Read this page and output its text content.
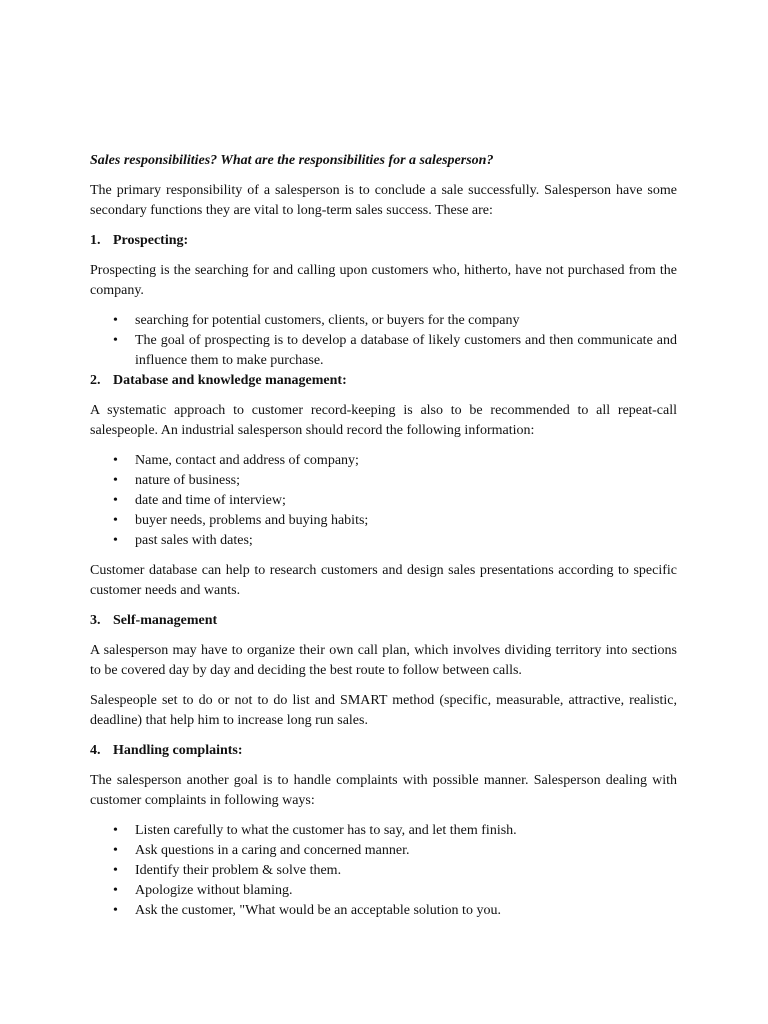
Sales responsibilities? What are the responsibilities for a salesperson?

The primary responsibility of a salesperson is to conclude a sale successfully. Salesperson have some secondary functions they are vital to long-term sales success. These are:

1. Prospecting:

Prospecting is the searching for and calling upon customers who, hitherto, have not purchased from the company.

• searching for potential customers, clients, or buyers for the company
• The goal of prospecting is to develop a database of likely customers and then communicate and influence them to make purchase.
2. Database and knowledge management:

A systematic approach to customer record-keeping is also to be recommended to all repeat-call salespeople. An industrial salesperson should record the following information:

• Name, contact and address of company;
• nature of business;
• date and time of interview;
• buyer needs, problems and buying habits;
• past sales with dates;

Customer database can help to research customers and design sales presentations according to specific customer needs and wants.

3. Self-management

A salesperson may have to organize their own call plan, which involves dividing territory into sections to be covered day by day and deciding the best route to follow between calls.

Salespeople set to do or not to do list and SMART method (specific, measurable, attractive, realistic, deadline) that help him to increase long run sales.

4. Handling complaints:

The salesperson another goal is to handle complaints with possible manner. Salesperson dealing with customer complaints in following ways:

• Listen carefully to what the customer has to say, and let them finish.
• Ask questions in a caring and concerned manner.
• Identify their problem & solve them.
• Apologize without blaming.
• Ask the customer, "What would be an acceptable solution to you.
